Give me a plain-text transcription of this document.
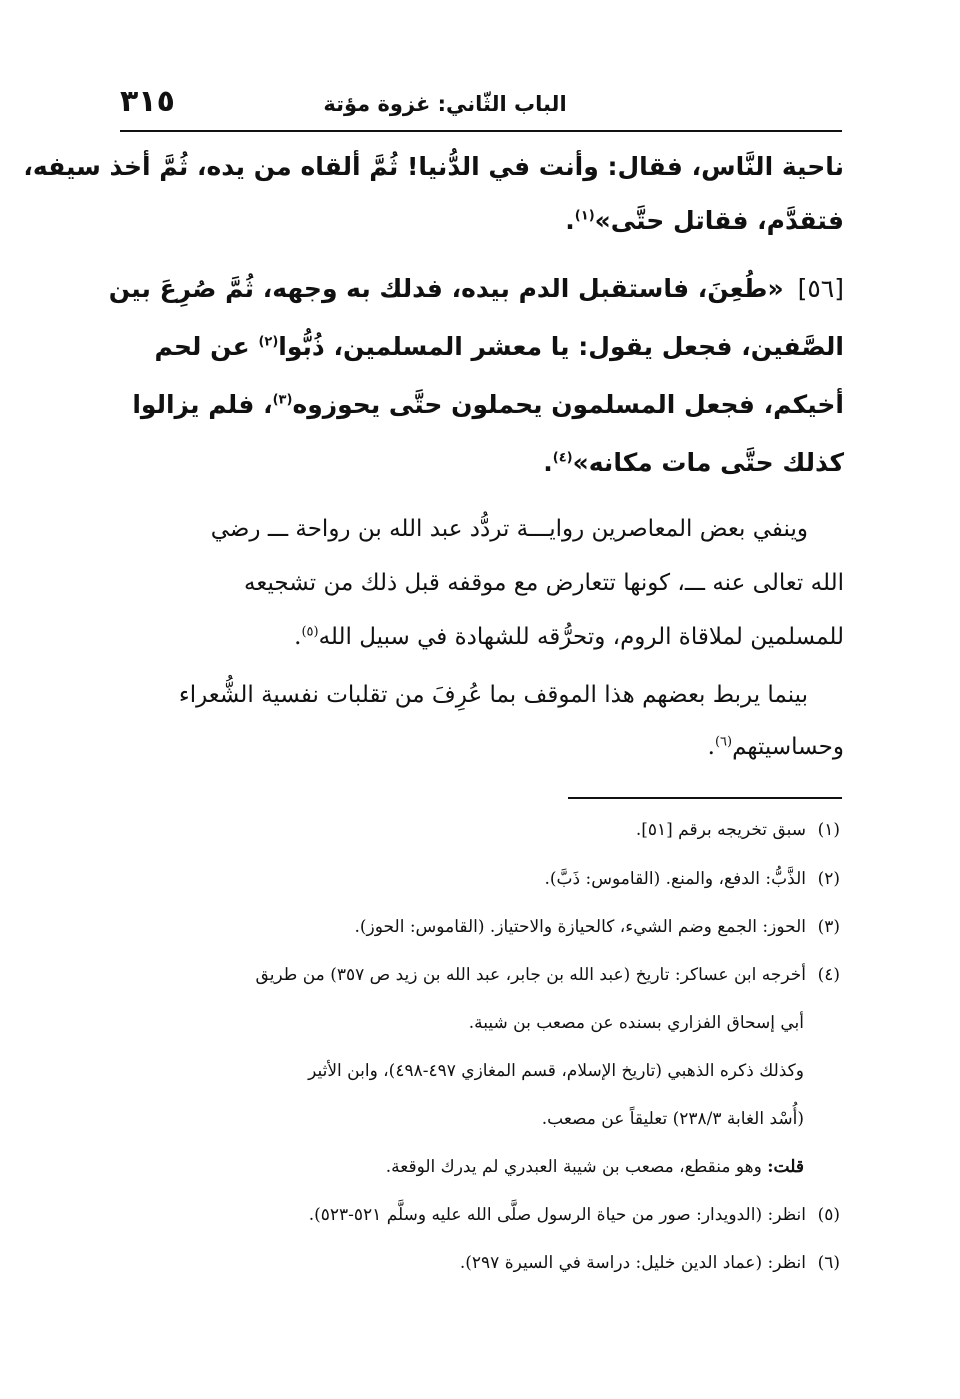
٣١٥	الباب الثّاني: غزوة مؤتة
ناحية النَّاس، فقال: وأنت في الدُّنيا! ثُمَّ ألقاه من يده، ثُمَّ أخذ سيفه،
فتقدَّم، فقاتل حتَّى»$^{(١)}$.
[٥٦]«طُعِنَ، فاستقبل الدم بيده، فدلك به وجهه، ثُمَّ صُرِعَ بين
الصَّفين، فجعل يقول: يا معشر المسلمين، ذُبُّوا$^{(٢)}$ عن لحم
أخيكم، فجعل المسلمون يحملون حتَّى يحوزوه$^{(٣)}$، فلم يزالوا
كذلك حتَّى مات مكانه»$^{(٤)}$.
وينفي بعض المعاصرين روايـــة تردُّد عبد الله بن رواحة ـــ رضي
الله تعالى عنه ـــ، كونها تتعارض مع موقفه قبل ذلك من تشجيعه
للمسلمين لملاقاة الروم، وتحرُّقه للشهادة في سبيل الله$^{(٥)}$.
بينما يربط بعضهم هذا الموقف بما عُرِفَ من تقلبات نفسية الشُّعراء
وحساسيتهم$^{(٦)}$.
(١)سبق تخريجه برقم [٥١].
(٢)الذَّبُّ: الدفع، والمنع. (القاموس: ذَبَّ).
(٣)الحوز: الجمع وضم الشيء، كالحيازة والاحتياز. (القاموس: الحوز).
(٤)أخرجه ابن عساكر: تاريخ (عبد الله بن جابر، عبد الله بن زيد ص ٣٥٧) من طريق
أبي إسحاق الفزاري بسنده عن مصعب بن شيبة.
وكذلك ذكره الذهبي (تاريخ الإسلام، قسم المغازي ٤٩٧-٤٩٨)، وابن الأثير
(أُسْد الغابة ٢٣٨/٣) تعليقاً عن مصعب.
قلت: وهو منقطع، مصعب بن شيبة العبدري لم يدرك الوقعة.
(٥)انظر: (الدويدار: صور من حياة الرسول صلَّى الله عليه وسلَّم ٥٢١-٥٢٣).
(٦)انظر: (عماد الدين خليل: دراسة في السيرة ٢٩٧).
